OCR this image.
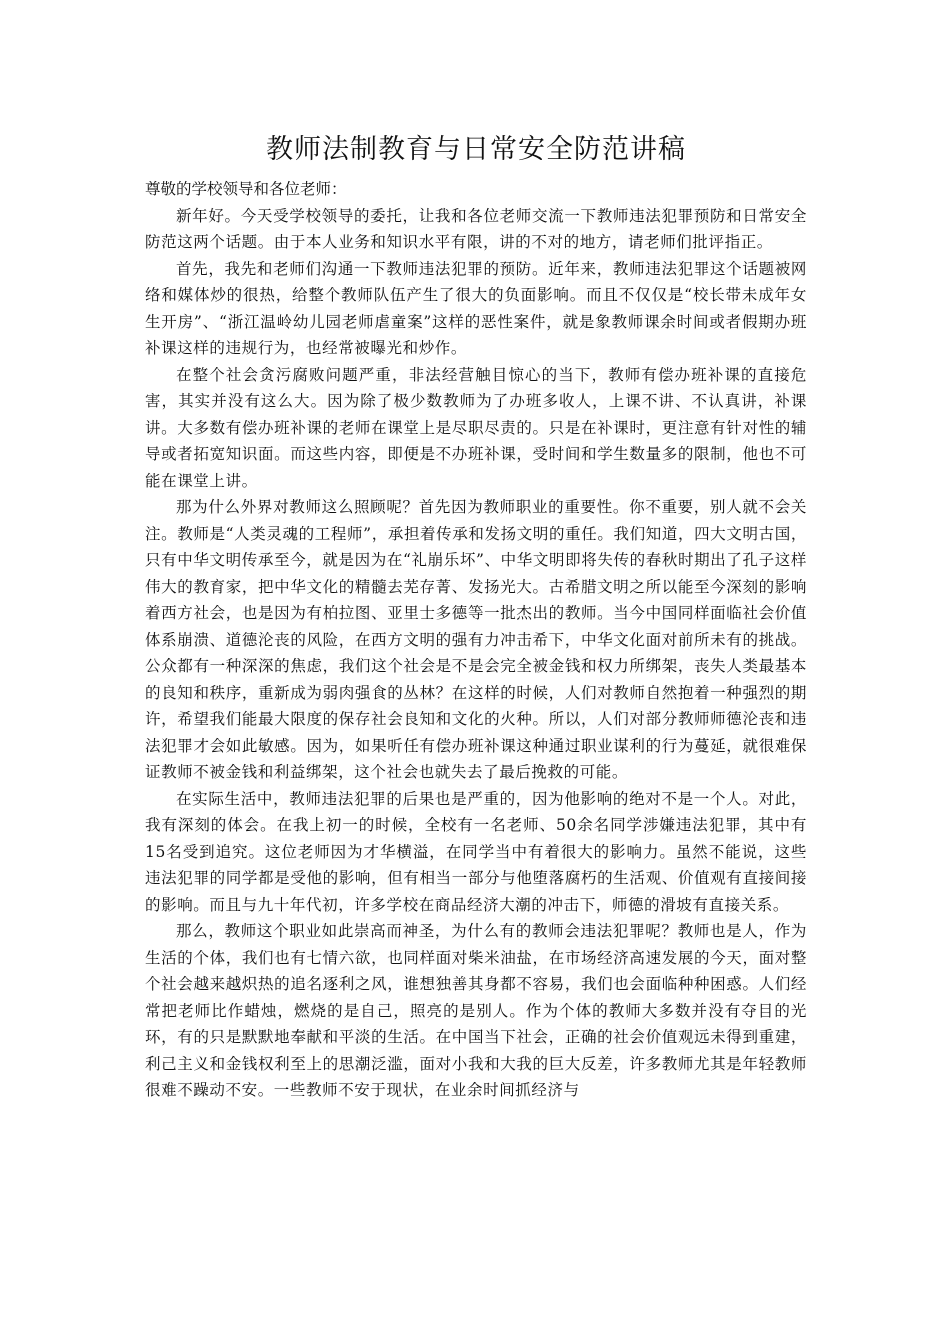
教师法制教育与日常安全防范讲稿

尊敬的学校领导和各位老师：

新年好。今天受学校领导的委托，让我和各位老师交流一下教师违法犯罪预防和日常安全防范这两个话题。由于本人业务和知识水平有限，讲的不对的地方，请老师们批评指正。

首先，我先和老师们沟通一下教师违法犯罪的预防。近年来，教师违法犯罪这个话题被网络和媒体炒的很热，给整个教师队伍产生了很大的负面影响。而且不仅仅是“校长带未成年女生开房”、“浙江温岭幼儿园老师虐童案”这样的恶性案件，就是象教师课余时间或者假期办班补课这样的违规行为，也经常被曝光和炒作。

在整个社会贪污腐败问题严重，非法经营触目惊心的当下，教师有偿办班补课的直接危害，其实并没有这么大。因为除了极少数教师为了办班多收人，上课不讲、不认真讲，补课讲。大多数有偿办班补课的老师在课堂上是尽职尽责的。只是在补课时，更注意有针对性的辅导或者拓宽知识面。而这些内容，即便是不办班补课，受时间和学生数量多的限制，他也不可能在课堂上讲。

那为什么外界对教师这么照顾呢？首先因为教师职业的重要性。你不重要，别人就不会关注。教师是“人类灵魂的工程师”，承担着传承和发扬文明的重任。我们知道，四大文明古国，只有中华文明传承至今，就是因为在“礼崩乐坏”、中华文明即将失传的春秋时期出了孔子这样伟大的教育家，把中华文化的精髓去芜存菁、发扬光大。古希腊文明之所以能至今深刻的影响着西方社会，也是因为有柏拉图、亚里士多德等一批杰出的教师。当今中国同样面临社会价值体系崩溃、道德沦丧的风险，在西方文明的强有力冲击希下，中华文化面对前所未有的挑战。公众都有一种深深的焦虑，我们这个社会是不是会完全被金钱和权力所绑架，丧失人类最基本的良知和秩序，重新成为弱肉强食的丛林？在这样的时候，人们对教师自然抱着一种强烈的期许，希望我们能最大限度的保存社会良知和文化的火种。所以，人们对部分教师师德沦丧和违法犯罪才会如此敏感。因为，如果听任有偿办班补课这种通过职业谋利的行为蔓延，就很难保证教师不被金钱和利益绑架，这个社会也就失去了最后挽救的可能。

在实际生活中，教师违法犯罪的后果也是严重的，因为他影响的绝对不是一个人。对此，我有深刻的体会。在我上初一的时候，全校有一名老师、50余名同学涉嫌违法犯罪，其中有15名受到追究。这位老师因为才华横溢，在同学当中有着很大的影响力。虽然不能说，这些违法犯罪的同学都是受他的影响，但有相当一部分与他堕落腐朽的生活观、价值观有直接间接的影响。而且与九十年代初，许多学校在商品经济大潮的冲击下，师德的滑坡有直接关系。

那么，教师这个职业如此崇高而神圣，为什么有的教师会违法犯罪呢？教师也是人，作为生活的个体，我们也有七情六欲，也同样面对柴米油盐，在市场经济高速发展的今天，面对整个社会越来越炽热的追名逐利之风，谁想独善其身都不容易，我们也会面临种种困惑。人们经常把老师比作蜡烛，燃烧的是自己，照亮的是别人。作为个体的教师大多数并没有夺目的光环，有的只是默默地奉献和平淡的生活。在中国当下社会，正确的社会价值观远未得到重建，利己主义和金钱权利至上的思潮泛滥，面对小我和大我的巨大反差，许多教师尤其是年轻教师很难不躁动不安。一些教师不安于现状，在业余时间抓经济与
